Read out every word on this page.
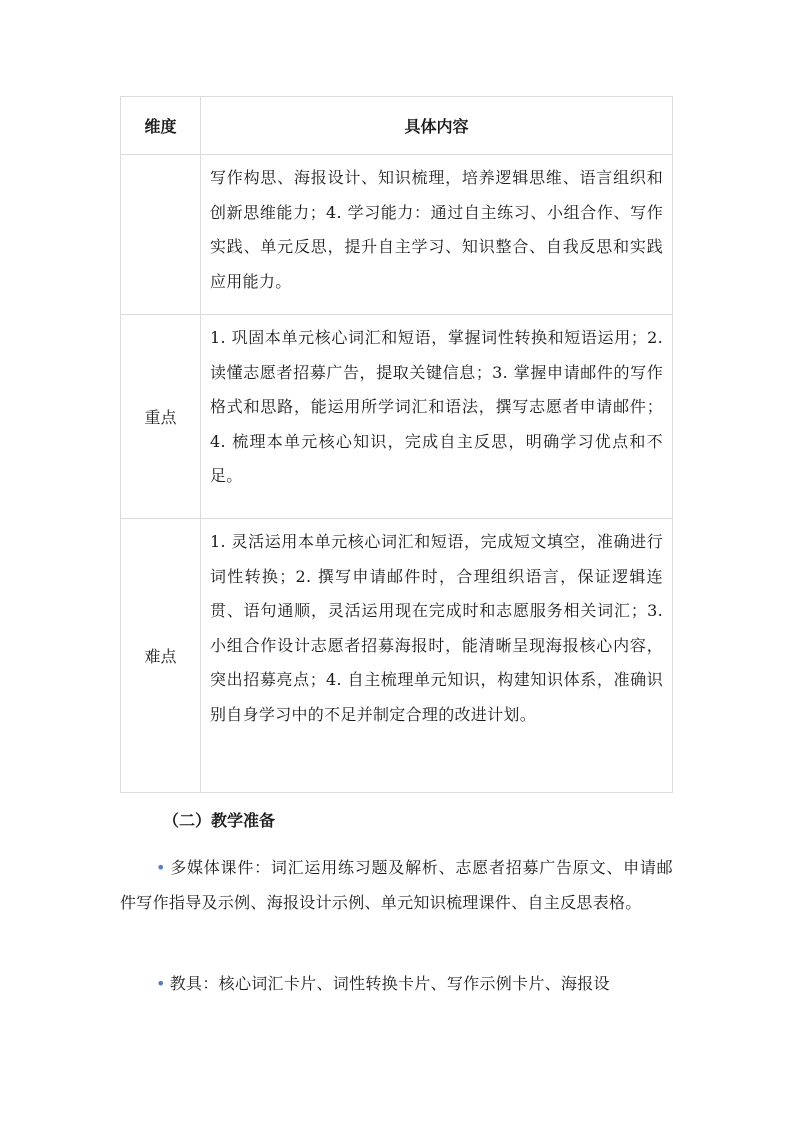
维度	具体内容
	写作构思、海报设计、知识梳理，培养逻辑思维、语言组织和创新思维能力；4. 学习能力：通过自主练习、小组合作、写作实践、单元反思，提升自主学习、知识整合、自我反思和实践应用能力。
重点	1. 巩固本单元核心词汇和短语，掌握词性转换和短语运用；2. 读懂志愿者招募广告，提取关键信息；3. 掌握申请邮件的写作格式和思路，能运用所学词汇和语法，撰写志愿者申请邮件；4. 梳理本单元核心知识，完成自主反思，明确学习优点和不足。
难点	1. 灵活运用本单元核心词汇和短语，完成短文填空，准确进行词性转换；2. 撰写申请邮件时，合理组织语言，保证逻辑连贯、语句通顺，灵活运用现在完成时和志愿服务相关词汇；3. 小组合作设计志愿者招募海报时，能清晰呈现海报核心内容，突出招募亮点；4. 自主梳理单元知识，构建知识体系，准确识别自身学习中的不足并制定合理的改进计划。
（二）教学准备
• 多媒体课件：词汇运用练习题及解析、志愿者招募广告原文、申请邮件写作指导及示例、海报设计示例、单元知识梳理课件、自主反思表格。
• 教具：核心词汇卡片、词性转换卡片、写作示例卡片、海报设
